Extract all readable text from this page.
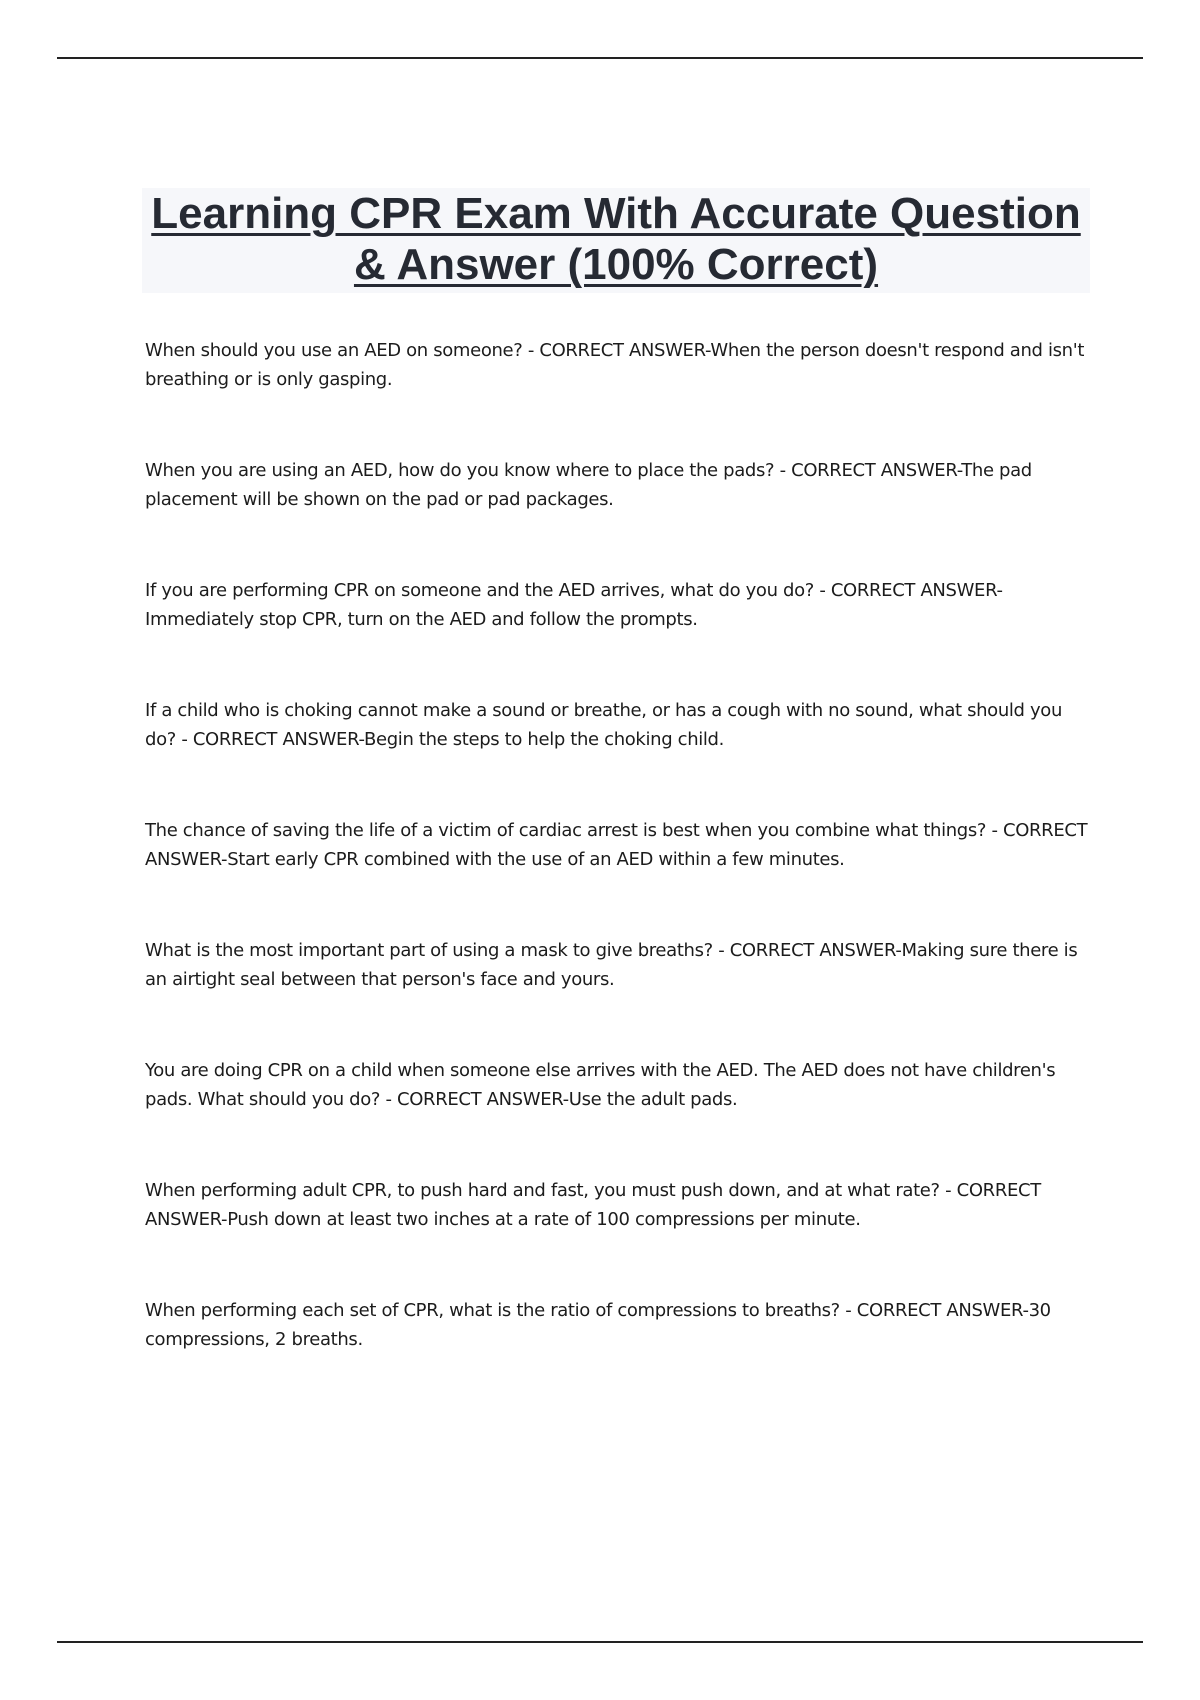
Learning CPR Exam With Accurate Question & Answer (100% Correct)
When should you use an AED on someone? - CORRECT ANSWER-When the person doesn't respond and isn't breathing or is only gasping.
When you are using an AED, how do you know where to place the pads? - CORRECT ANSWER-The pad placement will be shown on the pad or pad packages.
If you are performing CPR on someone and the AED arrives, what do you do? - CORRECT ANSWER-Immediately stop CPR, turn on the AED and follow the prompts.
If a child who is choking cannot make a sound or breathe, or has a cough with no sound, what should you do? - CORRECT ANSWER-Begin the steps to help the choking child.
The chance of saving the life of a victim of cardiac arrest is best when you combine what things? - CORRECT ANSWER-Start early CPR combined with the use of an AED within a few minutes.
What is the most important part of using a mask to give breaths? - CORRECT ANSWER-Making sure there is an airtight seal between that person's face and yours.
You are doing CPR on a child when someone else arrives with the AED. The AED does not have children's pads. What should you do? - CORRECT ANSWER-Use the adult pads.
When performing adult CPR, to push hard and fast, you must push down, and at what rate? - CORRECT ANSWER-Push down at least two inches at a rate of 100 compressions per minute.
When performing each set of CPR, what is the ratio of compressions to breaths? - CORRECT ANSWER-30 compressions, 2 breaths.
